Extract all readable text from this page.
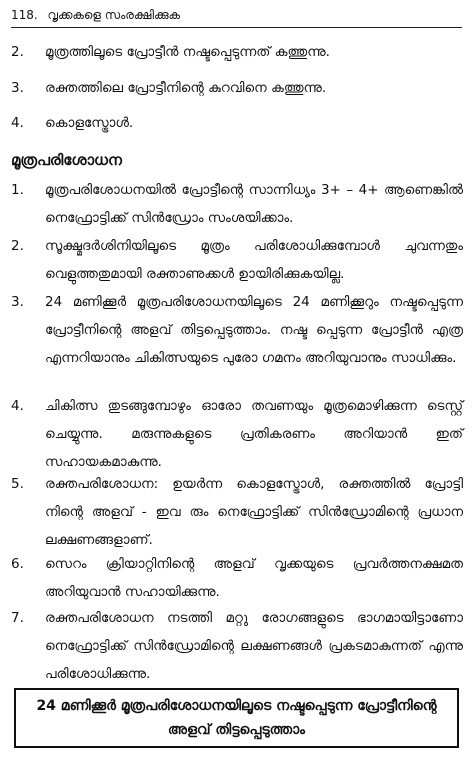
118. വൃക്കകളെ സംരക്ഷിക്കുക
2.	മൂത്രത്തിലൂടെ പ്രോട്ടീന്‍ നഷ്ടപ്പെടുന്നത് കത്തുന്നു.
3.	രക്തത്തിലെ പ്രോട്ടീനിന്റെ കുറവിനെ കത്തുന്നു.
4.	കൊളസ്ട്രോള്‍.
മൂത്രപരിശോധന
1.	മൂത്രപരിശോധനയില്‍ പ്രോട്ടീന്റെ സാന്നിധ്യം 3+ – 4+ ആണെങ്കില്‍ നെഫ്രോട്ടിക്ക് സിന്‍ഡ്രോം സംശയിക്കാം.
2.	സൂക്ഷ്മദര്‍ശിനിയിലൂടെ മൂത്രം പരിശോധിക്കുമ്പോള്‍ ചുവന്നതും വെളുത്തതുമായി രക്താണുക്കള്‍ ഉായിരിക്കുകയില്ല.
3.	24 മണിക്കൂര്‍ മൂത്രപരിശോധനയിലൂടെ 24 മണിക്കൂറും നഷ്ടപ്പെടുന്ന പ്രോട്ടീനിന്റെ അളവ് തിട്ടപ്പെടുത്താം. നഷ്ട പ്പെടുന്ന പ്രോട്ടീന്‍ എത്ര എന്നറിയാനും ചികിത്സയുടെ പുരോ ഗമനം അറിയുവാനും സാധിക്കും.
4.	ചികിത്സ തുടങ്ങുമ്പോഴും ഓരോ തവണയും മൂത്രമൊഴിക്കുന്ന ടെസ്റ്റ് ചെയ്യുന്നു. മരുന്നുകളുടെ പ്രതികരണം അറിയാന്‍ ഇത് സഹായകമാകുന്നു.
5.	രക്തപരിശോധന: ഉയര്‍ന്ന കൊളസ്ട്രോള്‍, രക്തത്തില്‍ പ്രോട്ടി നിന്റെ അളവ് - ഇവ രും നെഫ്രോട്ടിക്ക് സിന്‍ഡ്രോമിന്റെ പ്രധാന ലക്ഷണങ്ങളാണ്.
6.	സെറം ക്രിയാറ്റിനിന്റെ അളവ് വൃക്കയുടെ പ്രവര്‍ത്തനക്ഷമത അറിയുവാന്‍ സഹായിക്കുന്നു.
7.	രക്തപരിശോധന നടത്തി മറ്റു രോഗങ്ങളുടെ ഭാഗമായിട്ടാണോ നെഫ്രോട്ടിക്ക് സിന്‍ഡ്രോമിന്റെ ലക്ഷണങ്ങള്‍ പ്രകടമാകുന്നത് എന്നു പരിശോധിക്കുന്നു.
24 മണിക്കൂര്‍ മൂത്രപരിശോധനയിലൂടെ നഷ്ടപ്പെടുന്ന പ്രോട്ടീനിന്റെ അളവ് തിട്ടപ്പെടുത്താം
